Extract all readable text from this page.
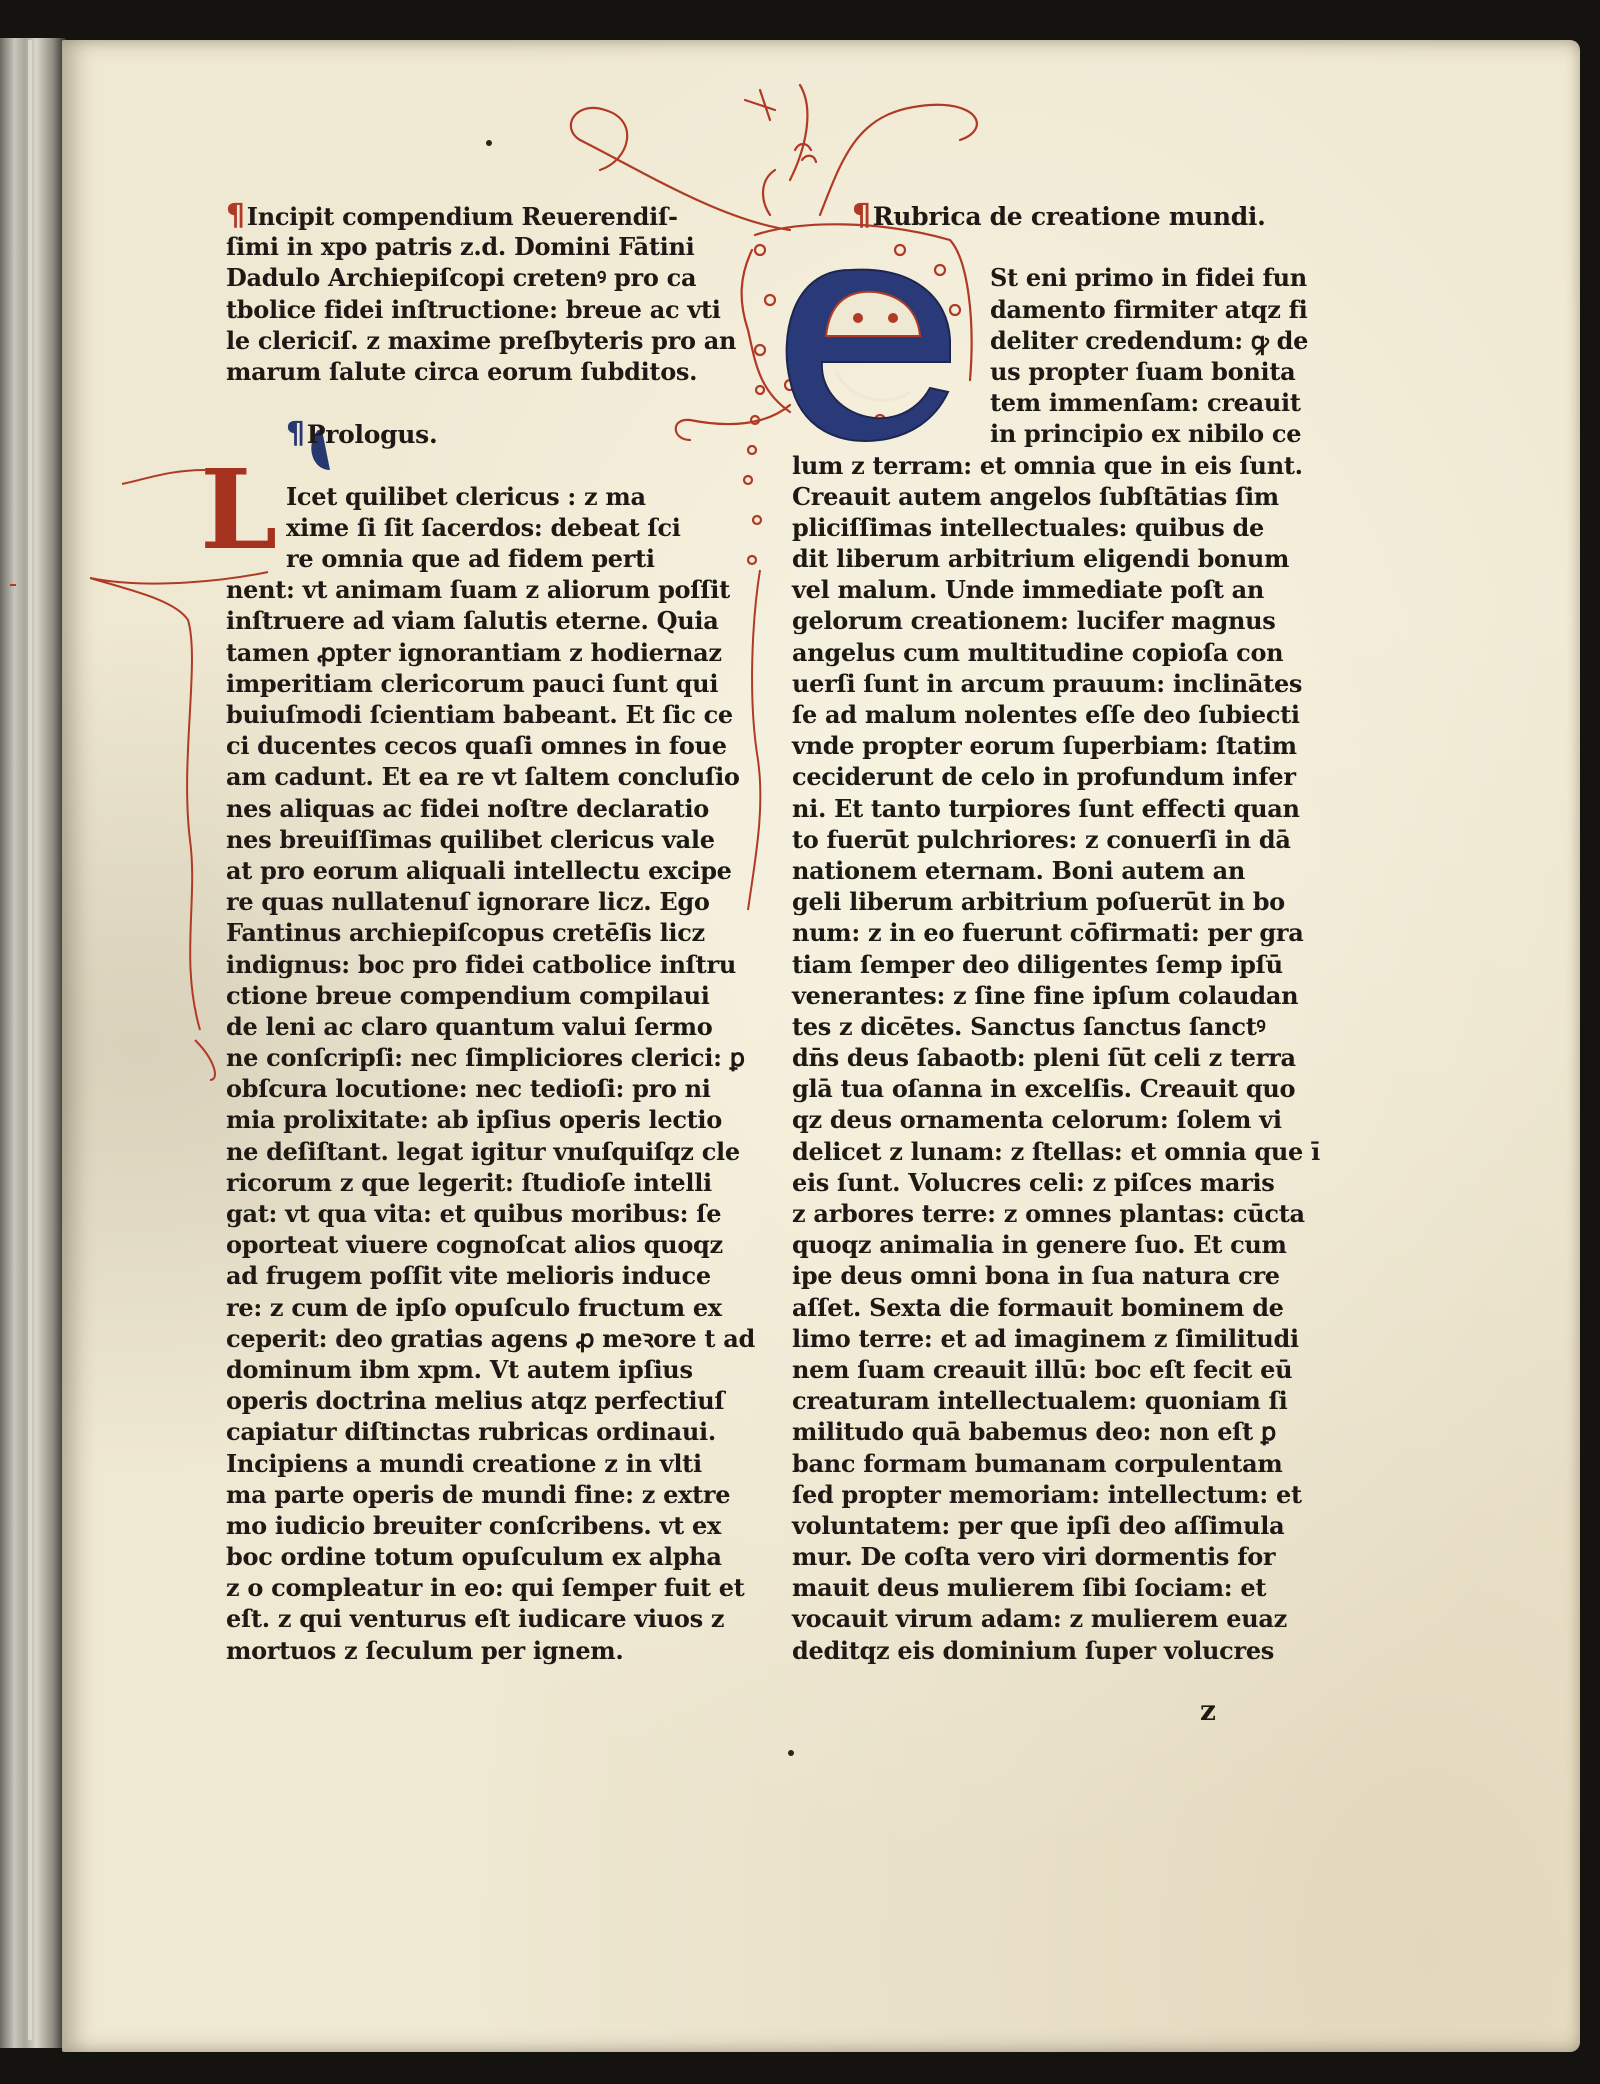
L
¶Incipit compendium Reuerendiſ-
ſimi in xpo patris z.d. Domini Fātini
Dadulo Archiepiſcopi cretenꝰ pro ca
tbolice fidei inſtructione: breue ac vti
le clericiſ. z maxime preſbyteris pro an
marum ſalute circa eorum ſubditos.
¶Prologus.
Icet quilibet clericus : z ma
xime ſi ſit ſacerdos: debeat ſci
re omnia que ad fidem perti
nent: vt animam ſuam z aliorum poſſit
inſtruere ad viam ſalutis eterne. Quia
tamen ꝓpter ignorantiam z hodiernaz
imperitiam clericorum pauci ſunt qui
buiuſmodi ſcientiam babeant. Et ſic ce
ci ducentes cecos quaſi omnes in foue
am cadunt. Et ea re vt ſaltem concluſio
nes aliquas ac fidei noſtre declaratio
nes breuiſſimas quilibet clericus vale
at pro eorum aliquali intellectu excipe
re quas nullatenuſ ignorare licz. Ego
Fantinus archiepiſcopus cretēſis licz
indignus: boc pro fidei catbolice inſtru
ctione breue compendium compilaui
de leni ac claro quantum valui ſermo
ne conſcripſi: nec ſimpliciores clerici: ꝑ
obſcura locutione: nec tedioſi: pro ni
mia prolixitate: ab ipſius operis lectio
ne deſiſtant. legat igitur vnuſquiſqz cle
ricorum z que legerit: ſtudioſe intelli
gat: vt qua vita: et quibus moribus: ſe
oporteat viuere cognoſcat alios quoqz
ad frugem poſſit vite melioris induce
re: z cum de ipſo opuſculo fructum ex
ceperit: deo gratias agens ꝓ meꝛore t ad
dominum ibm xpm. Vt autem ipſius
operis doctrina melius atqz perfectiuſ
capiatur diſtinctas rubricas ordinaui.
Incipiens a mundi creatione z in vlti
ma parte operis de mundi fine: z extre
mo iudicio breuiter conſcribens. vt ex
boc ordine totum opuſculum ex alpha
z o compleatur in eo: qui ſemper fuit et
eſt. z qui venturus eſt iudicare viuos z
mortuos z ſeculum per ignem.
¶Rubrica de creatione mundi.
St eni primo in fidei fun
damento firmiter atqz fi
deliter credendum: ꝙ de
us propter ſuam bonita
tem immenſam: creauit
in principio ex nibilo ce
lum z terram: et omnia que in eis ſunt.
Creauit autem angelos ſubſtātias ſim
pliciſſimas intellectuales: quibus de
dit liberum arbitrium eligendi bonum
vel malum. Unde immediate poſt an
gelorum creationem: lucifer magnus
angelus cum multitudine copioſa con
uerſi ſunt in arcum prauum: inclinātes
ſe ad malum nolentes eſſe deo ſubiecti
vnde propter eorum ſuperbiam: ſtatim
ceciderunt de celo in profundum infer
ni. Et tanto turpiores ſunt effecti quan
to fuerūt pulchriores: z conuerſi in dā
nationem eternam. Boni autem an
geli liberum arbitrium poſuerūt in bo
num: z in eo fuerunt cōfirmati: per gra
tiam ſemper deo diligentes ſemp ipſū
venerantes: z ſine fine ipſum colaudan
tes z dicētes. Sanctus ſanctus ſanctꝰ
dn̄s deus ſabaotb: pleni ſūt celi z terra
glā tua oſanna in excelſis. Creauit quo
qz deus ornamenta celorum: ſolem vi
delicet z lunam: z ſtellas: et omnia que ī
eis ſunt. Volucres celi: z piſces maris
z arbores terre: z omnes plantas: cūcta
quoqz animalia in genere ſuo. Et cum
ipe deus omni bona in ſua natura cre
aſſet. Sexta die formauit bominem de
limo terre: et ad imaginem z ſimilitudi
nem ſuam creauit illū: boc eſt fecit eū
creaturam intellectualem: quoniam ſi
militudo quā babemus deo: non eſt ꝑ
banc formam bumanam corpulentam
ſed propter memoriam: intellectum: et
voluntatem: per que ipſi deo aſſimula
mur. De coſta vero viri dormentis for
mauit deus mulierem ſibi ſociam: et
vocauit virum adam: z mulierem euaz
deditqz eis dominium ſuper volucres
z
